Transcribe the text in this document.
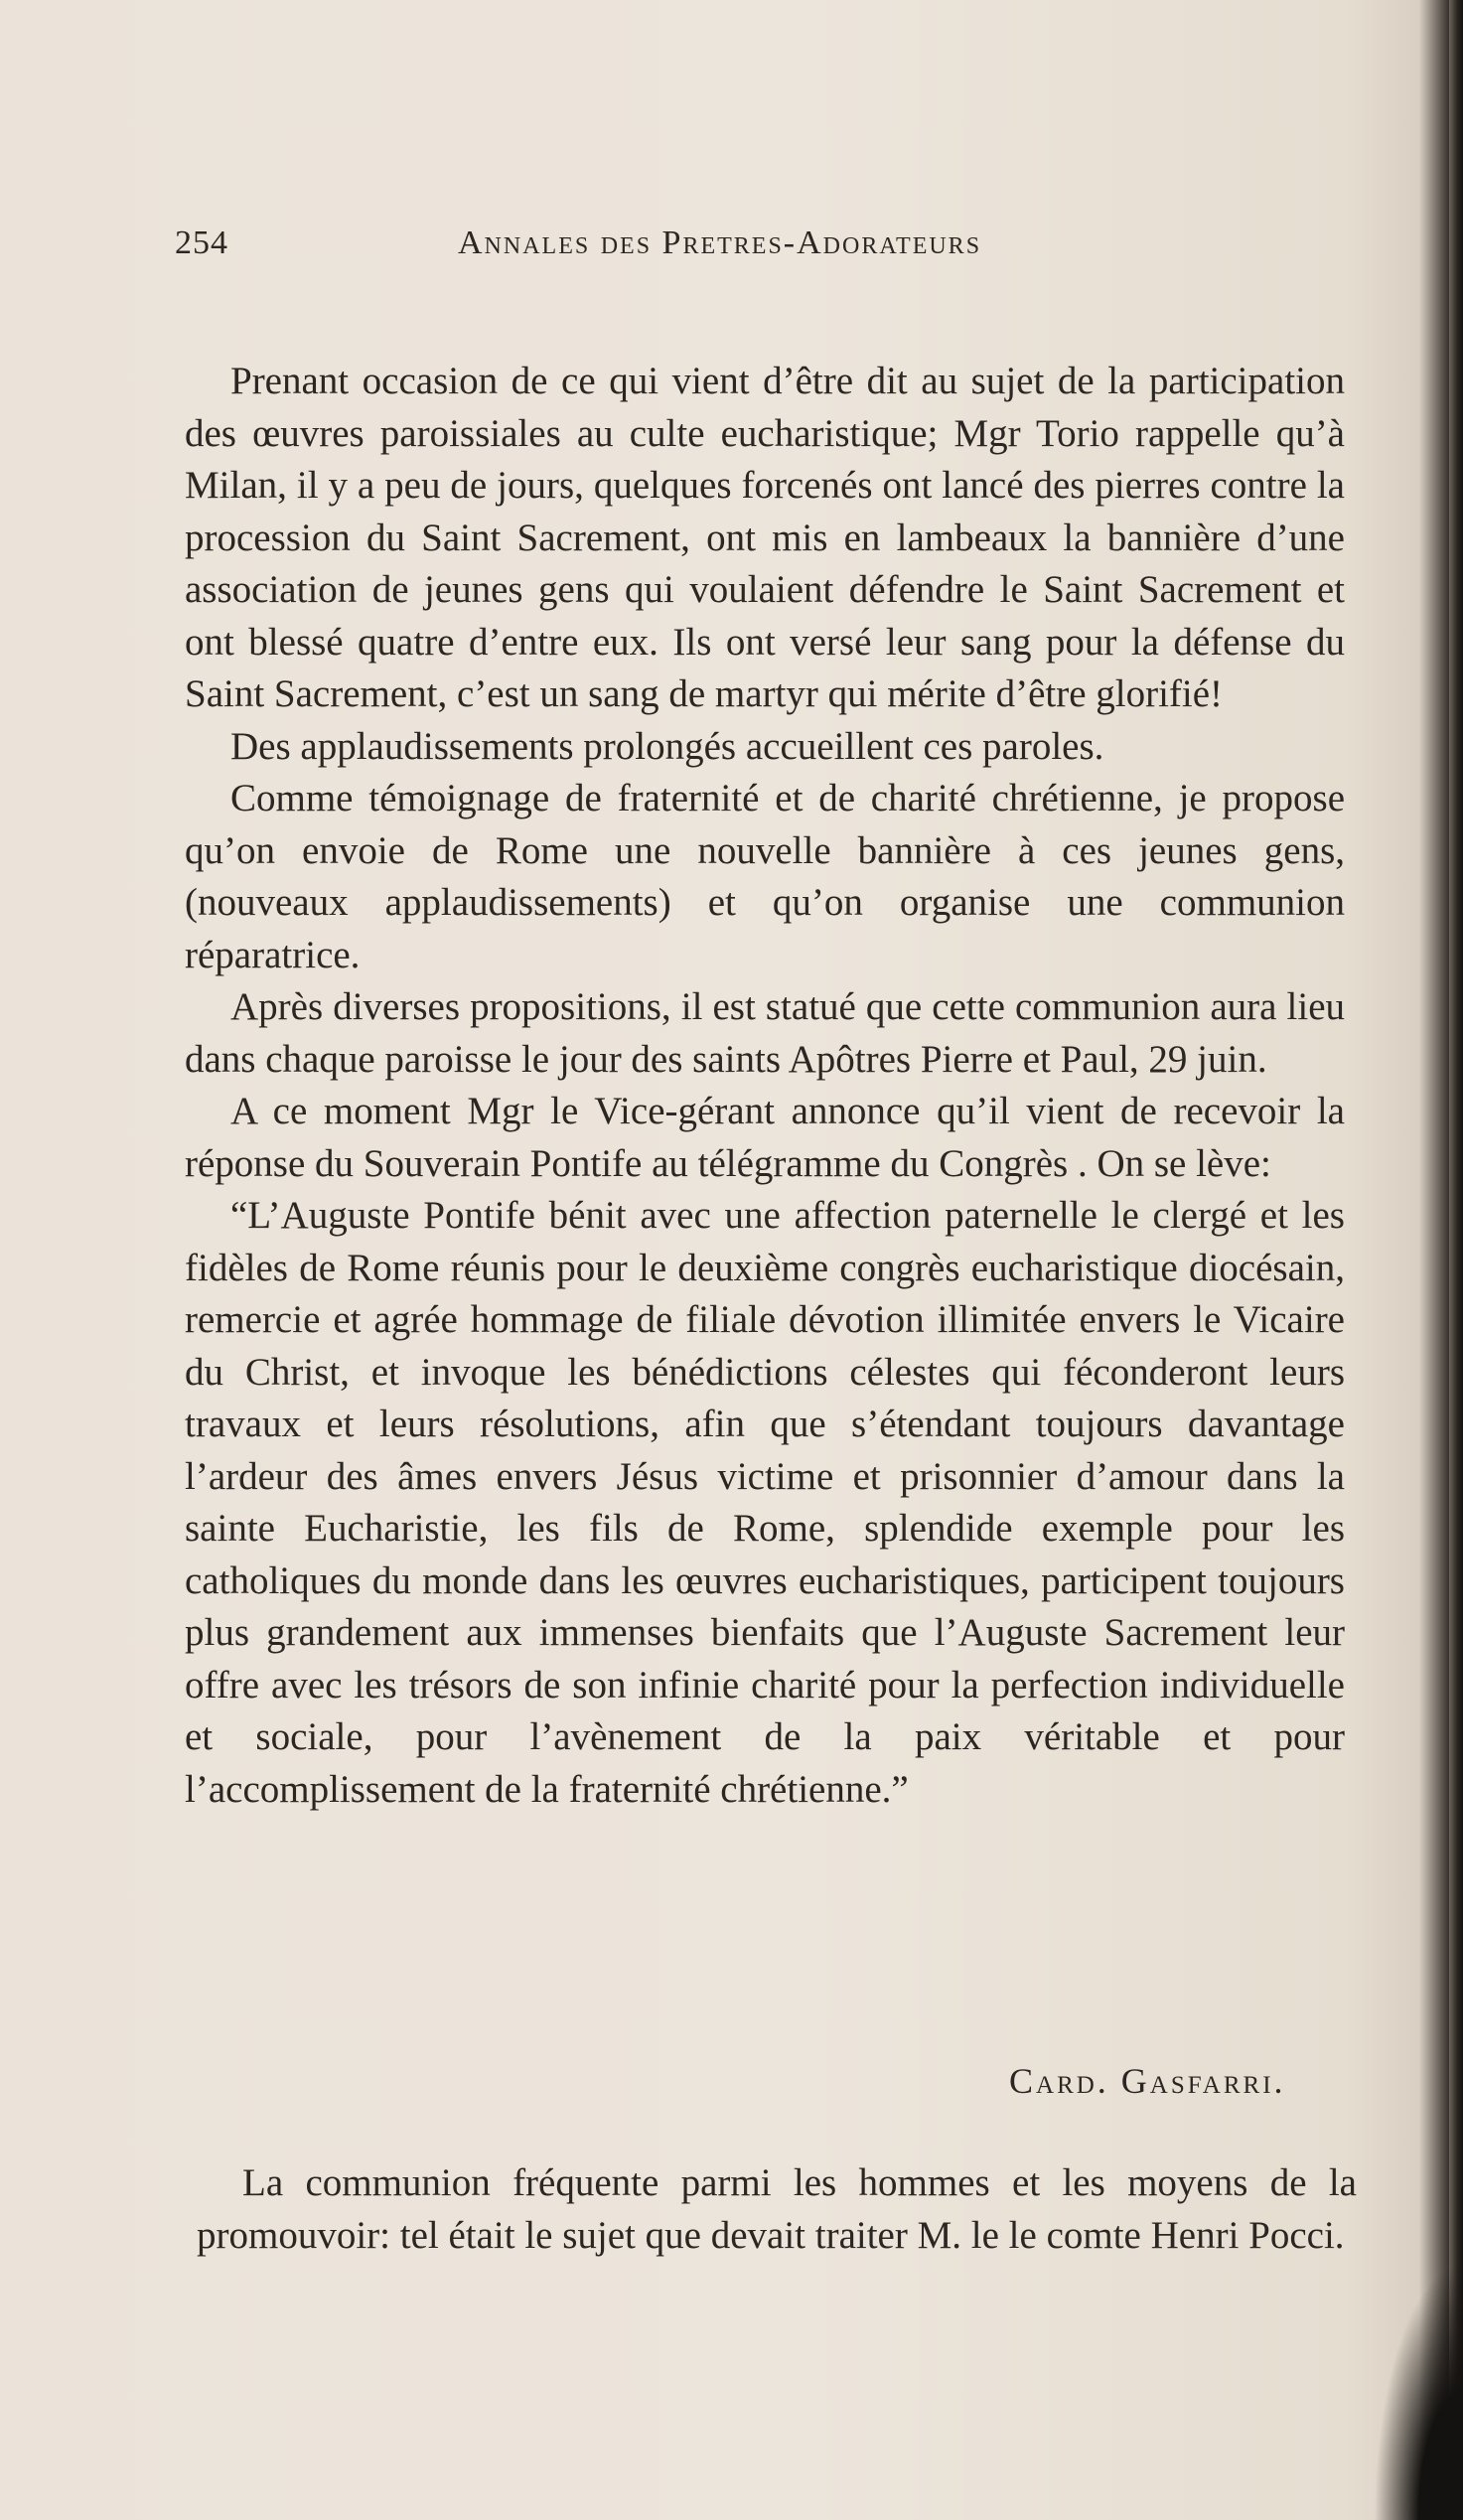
254	Annales des Pretres-Adorateurs

Prenant occasion de ce qui vient d’être dit au sujet de la participation des œuvres paroissiales au culte eucharistique; Mgr Torio rappelle qu’à Milan, il y a peu de jours, quelques forcenés ont lancé des pierres contre la procession du Saint Sacrement, ont mis en lambeaux la bannière d’une association de jeunes gens qui voulaient défendre le Saint Sacrement et ont blessé quatre d’entre eux. Ils ont versé leur sang pour la défense du Saint Sacrement, c’est un sang de martyr qui mérite d’être glorifié!

Des applaudissements prolongés accueillent ces paroles.

Comme témoignage de fraternité et de charité chrétienne, je propose qu’on envoie de Rome une nouvelle bannière à ces jeunes gens, (nouveaux applaudissements) et qu’on organise une communion réparatrice.

Après diverses propositions, il est statué que cette communion aura lieu dans chaque paroisse le jour des saints Apôtres Pierre et Paul, 29 juin.

A ce moment Mgr le Vice-gérant annonce qu’il vient de recevoir la réponse du Souverain Pontife au télégramme du Congrès . On se lève:

“L’Auguste Pontife bénit avec une affection paternelle le clergé et les fidèles de Rome réunis pour le deuxième congrès eucharistique diocésain, remercie et agrée hommage de filiale dévotion illimitée envers le Vicaire du Christ, et invoque les bénédictions célestes qui féconderont leurs travaux et leurs résolutions, afin que s’étendant toujours davantage l’ardeur des âmes envers Jésus victime et prisonnier d’amour dans la sainte Eucharistie, les fils de Rome, splendide exemple pour les catholiques du monde dans les œuvres eucharistiques, participent toujours plus grandement aux immenses bienfaits que l’Auguste Sacrement leur offre avec les trésors de son infinie charité pour la perfection individuelle et sociale, pour l’avènement de la paix véritable et pour l’accomplissement de la fraternité chrétienne.”

Card. Gasfarri.

La communion fréquente parmi les hommes et les moyens de la promouvoir: tel était le sujet que devait traiter M. le le comte Henri Pocci.
